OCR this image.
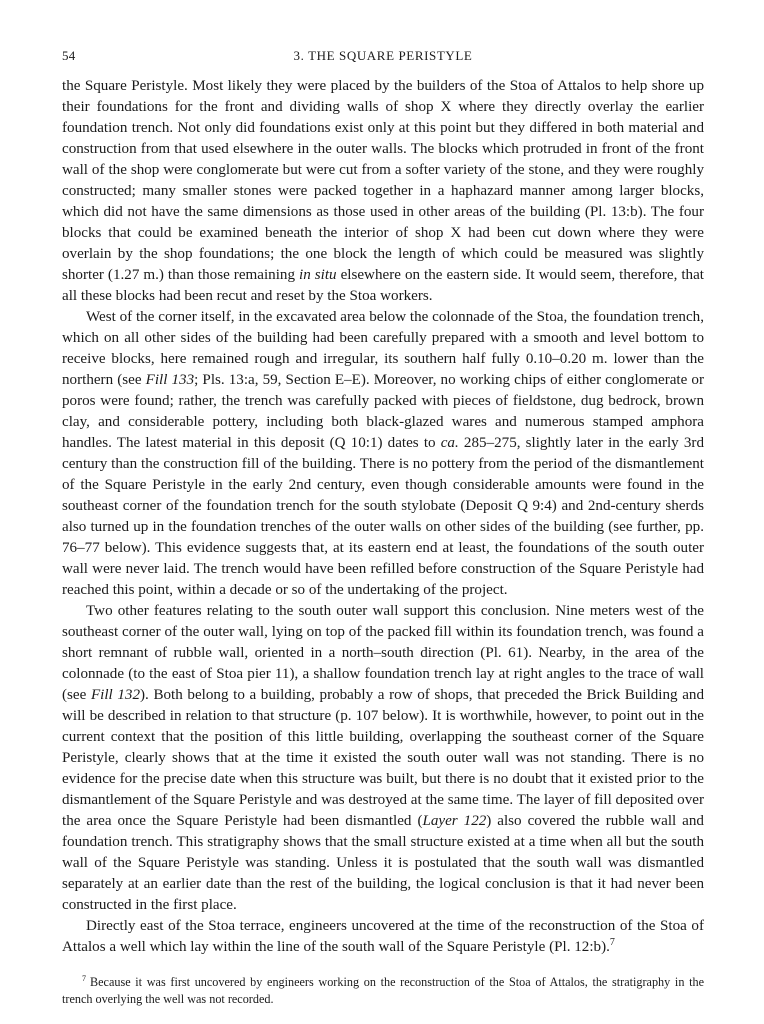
54	3. THE SQUARE PERISTYLE

the Square Peristyle. Most likely they were placed by the builders of the Stoa of Attalos to help shore up their foundations for the front and dividing walls of shop X where they directly overlay the earlier foundation trench. Not only did foundations exist only at this point but they differed in both material and construction from that used elsewhere in the outer walls. The blocks which protruded in front of the front wall of the shop were conglomerate but were cut from a softer variety of the stone, and they were roughly constructed; many smaller stones were packed together in a haphazard manner among larger blocks, which did not have the same dimensions as those used in other areas of the building (Pl. 13:b). The four blocks that could be examined beneath the interior of shop X had been cut down where they were overlain by the shop foundations; the one block the length of which could be measured was slightly shorter (1.27 m.) than those remaining in situ elsewhere on the eastern side. It would seem, therefore, that all these blocks had been recut and reset by the Stoa workers.

West of the corner itself, in the excavated area below the colonnade of the Stoa, the foundation trench, which on all other sides of the building had been carefully prepared with a smooth and level bottom to receive blocks, here remained rough and irregular, its southern half fully 0.10–0.20 m. lower than the northern (see Fill 133; Pls. 13:a, 59, Section E–E). Moreover, no working chips of either conglomerate or poros were found; rather, the trench was carefully packed with pieces of fieldstone, dug bedrock, brown clay, and considerable pottery, including both black-glazed wares and numerous stamped amphora handles. The latest material in this deposit (Q 10:1) dates to ca. 285–275, slightly later in the early 3rd century than the construction fill of the building. There is no pottery from the period of the dismantlement of the Square Peristyle in the early 2nd century, even though considerable amounts were found in the southeast corner of the foundation trench for the south stylobate (Deposit Q 9:4) and 2nd-century sherds also turned up in the foundation trenches of the outer walls on other sides of the building (see further, pp. 76–77 below). This evidence suggests that, at its eastern end at least, the foundations of the south outer wall were never laid. The trench would have been refilled before construction of the Square Peristyle had reached this point, within a decade or so of the undertaking of the project.

Two other features relating to the south outer wall support this conclusion. Nine meters west of the southeast corner of the outer wall, lying on top of the packed fill within its foundation trench, was found a short remnant of rubble wall, oriented in a north–south direction (Pl. 61). Nearby, in the area of the colonnade (to the east of Stoa pier 11), a shallow foundation trench lay at right angles to the trace of wall (see Fill 132). Both belong to a building, probably a row of shops, that preceded the Brick Building and will be described in relation to that structure (p. 107 below). It is worthwhile, however, to point out in the current context that the position of this little building, overlapping the southeast corner of the Square Peristyle, clearly shows that at the time it existed the south outer wall was not standing. There is no evidence for the precise date when this structure was built, but there is no doubt that it existed prior to the dismantlement of the Square Peristyle and was destroyed at the same time. The layer of fill deposited over the area once the Square Peristyle had been dismantled (Layer 122) also covered the rubble wall and foundation trench. This stratigraphy shows that the small structure existed at a time when all but the south wall of the Square Peristyle was standing. Unless it is postulated that the south wall was dismantled separately at an earlier date than the rest of the building, the logical conclusion is that it had never been constructed in the first place.

Directly east of the Stoa terrace, engineers uncovered at the time of the reconstruction of the Stoa of Attalos a well which lay within the line of the south wall of the Square Peristyle (Pl. 12:b).$^7$

$^7$ Because it was first uncovered by engineers working on the reconstruction of the Stoa of Attalos, the stratigraphy in the trench overlying the well was not recorded.
